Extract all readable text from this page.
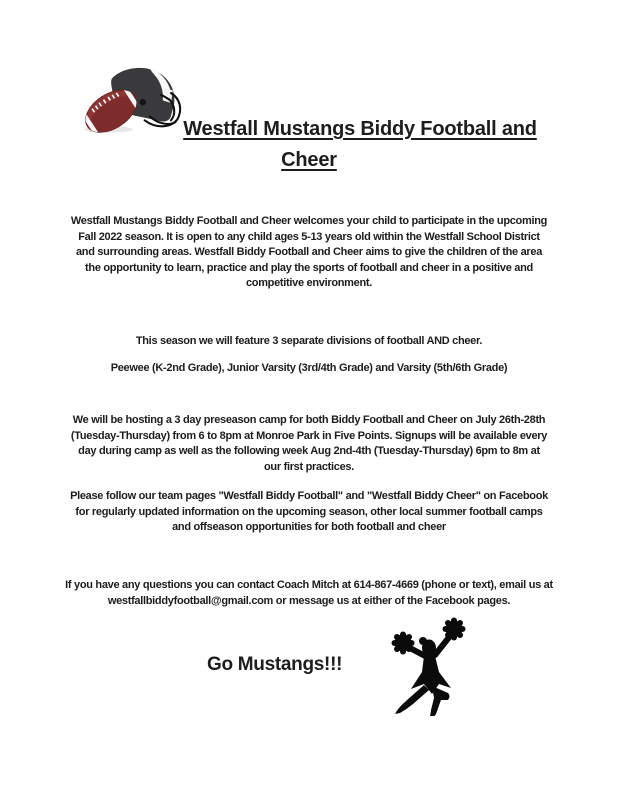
Westfall Mustangs Biddy Football and Cheer

Westfall Mustangs Biddy Football and Cheer welcomes your child to participate in the upcoming Fall 2022 season. It is open to any child ages 5-13 years old within the Westfall School District and surrounding areas. Westfall Biddy Football and Cheer aims to give the children of the area the opportunity to learn, practice and play the sports of football and cheer in a positive and competitive environment.

This season we will feature 3 separate divisions of football AND cheer.

Peewee (K-2nd Grade), Junior Varsity (3rd/4th Grade) and Varsity (5th/6th Grade)

We will be hosting a 3 day preseason camp for both Biddy Football and Cheer on July 26th-28th (Tuesday-Thursday) from 6 to 8pm at Monroe Park in Five Points. Signups will be available every day during camp as well as the following week Aug 2nd-4th (Tuesday-Thursday) 6pm to 8m at our first practices.

Please follow our team pages "Westfall Biddy Football" and "Westfall Biddy Cheer" on Facebook for regularly updated information on the upcoming season, other local summer football camps and offseason opportunities for both football and cheer

If you have any questions you can contact Coach Mitch at 614-867-4669 (phone or text), email us at westfallbiddyfootball@gmail.com or message us at either of the Facebook pages.

Go Mustangs!!!
